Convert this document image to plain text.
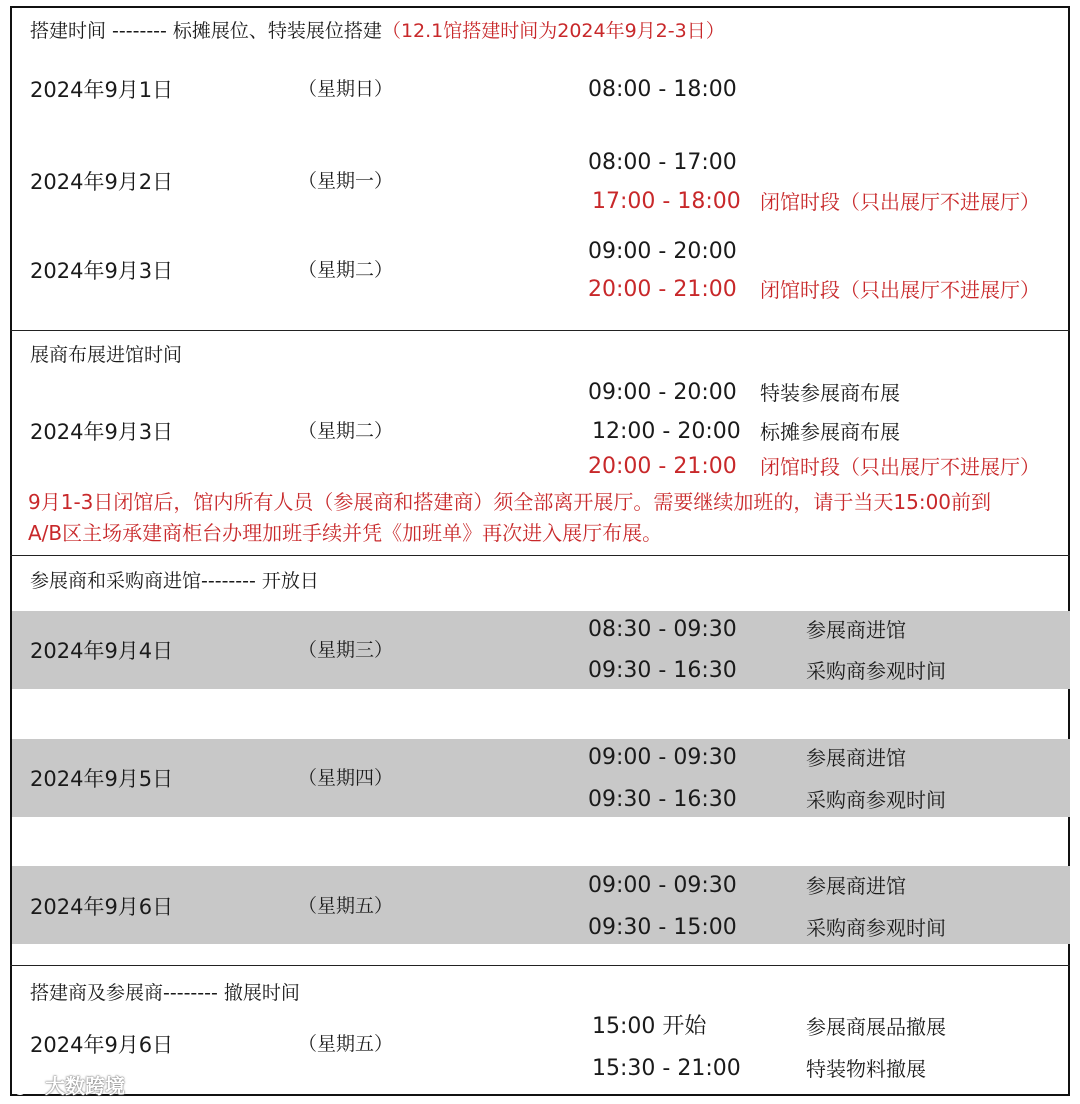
搭建时间 -------- 标摊展位、特装展位搭建（12.1馆搭建时间为2024年9月2-3日）
2024年9月1日	（星期日）	08:00 - 18:00
2024年9月2日	（星期一）
08:00 - 17:00
17:00 - 18:00 闭馆时段（只出展厅不进展厅）
2024年9月3日	（星期二）
09:00 - 20:00
20:00 - 21:00 闭馆时段（只出展厅不进展厅）
展商布展进馆时间
2024年9月3日	（星期二）
09:00 - 20:00 特装参展商布展
12:00 - 20:00 标摊参展商布展
20:00 - 21:00 闭馆时段（只出展厅不进展厅）
9月1-3日闭馆后，馆内所有人员（参展商和搭建商）须全部离开展厅。需要继续加班的，请于当天15:00前到
A/B区主场承建商柜台办理加班手续并凭《加班单》再次进入展厅布展。
参展商和采购商进馆-------- 开放日
2024年9月4日	（星期三）
08:30 - 09:30	参展商进馆
09:30 - 16:30	采购商参观时间
2024年9月5日	（星期四）
09:00 - 09:30	参展商进馆
09:30 - 16:30	采购商参观时间
2024年9月6日	（星期五）
09:00 - 09:30	参展商进馆
09:30 - 15:00	采购商参观时间
搭建商及参展商-------- 撤展时间
2024年9月6日	（星期五）
15:00 开始	参展商展品撤展
15:30 - 21:00	特装物料撤展
大数跨境
